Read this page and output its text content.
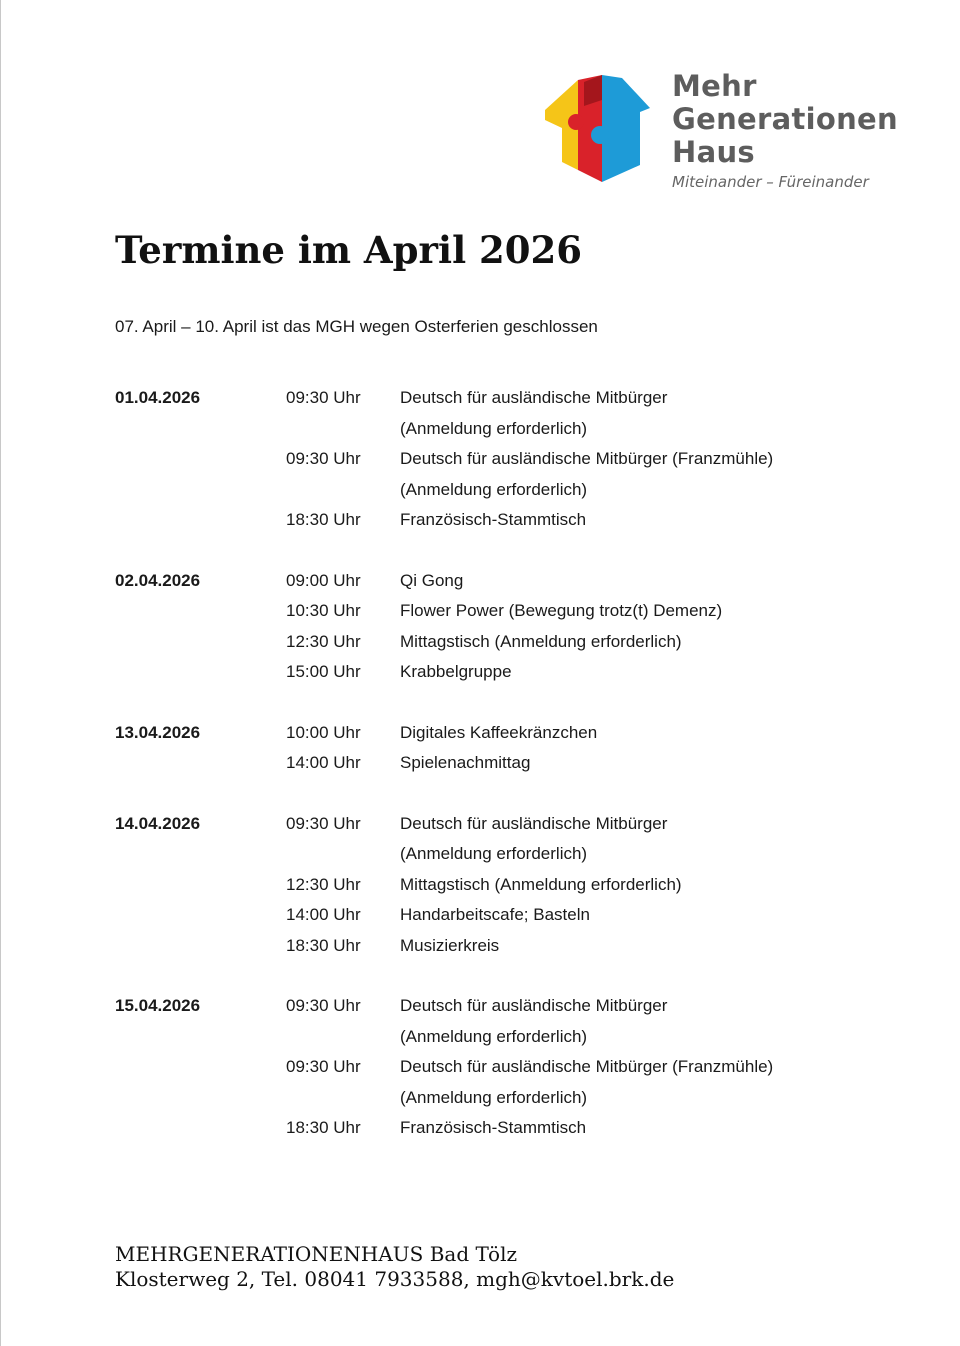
Mehr
Generationen
Haus
Miteinander – Füreinander
Termine im April 2026
07. April – 10. April ist das MGH wegen Osterferien geschlossen
01.04.2026	09:30 Uhr Deutsch für ausländische Mitbürger
(Anmeldung erforderlich)
09:30 Uhr Deutsch für ausländische Mitbürger (Franzmühle)
(Anmeldung erforderlich)
18:30 Uhr Französisch-Stammtisch
02.04.2026	09:00 Uhr Qi Gong
10:30 Uhr Flower Power (Bewegung trotz(t) Demenz)
12:30 Uhr Mittagstisch (Anmeldung erforderlich)
15:00 Uhr Krabbelgruppe
13.04.2026	10:00 Uhr Digitales Kaffeekränzchen
14:00 Uhr Spielenachmittag
14.04.2026	09:30 Uhr Deutsch für ausländische Mitbürger
(Anmeldung erforderlich)
12:30 Uhr Mittagstisch (Anmeldung erforderlich)
14:00 Uhr Handarbeitscafe; Basteln
18:30 Uhr Musizierkreis
15.04.2026	09:30 Uhr Deutsch für ausländische Mitbürger
(Anmeldung erforderlich)
09:30 Uhr Deutsch für ausländische Mitbürger (Franzmühle)
(Anmeldung erforderlich)
18:30 Uhr Französisch-Stammtisch
MEHRGENERATIONENHAUS Bad Tölz
Klosterweg 2, Tel. 08041 7933588, mgh@kvtoel.brk.de
